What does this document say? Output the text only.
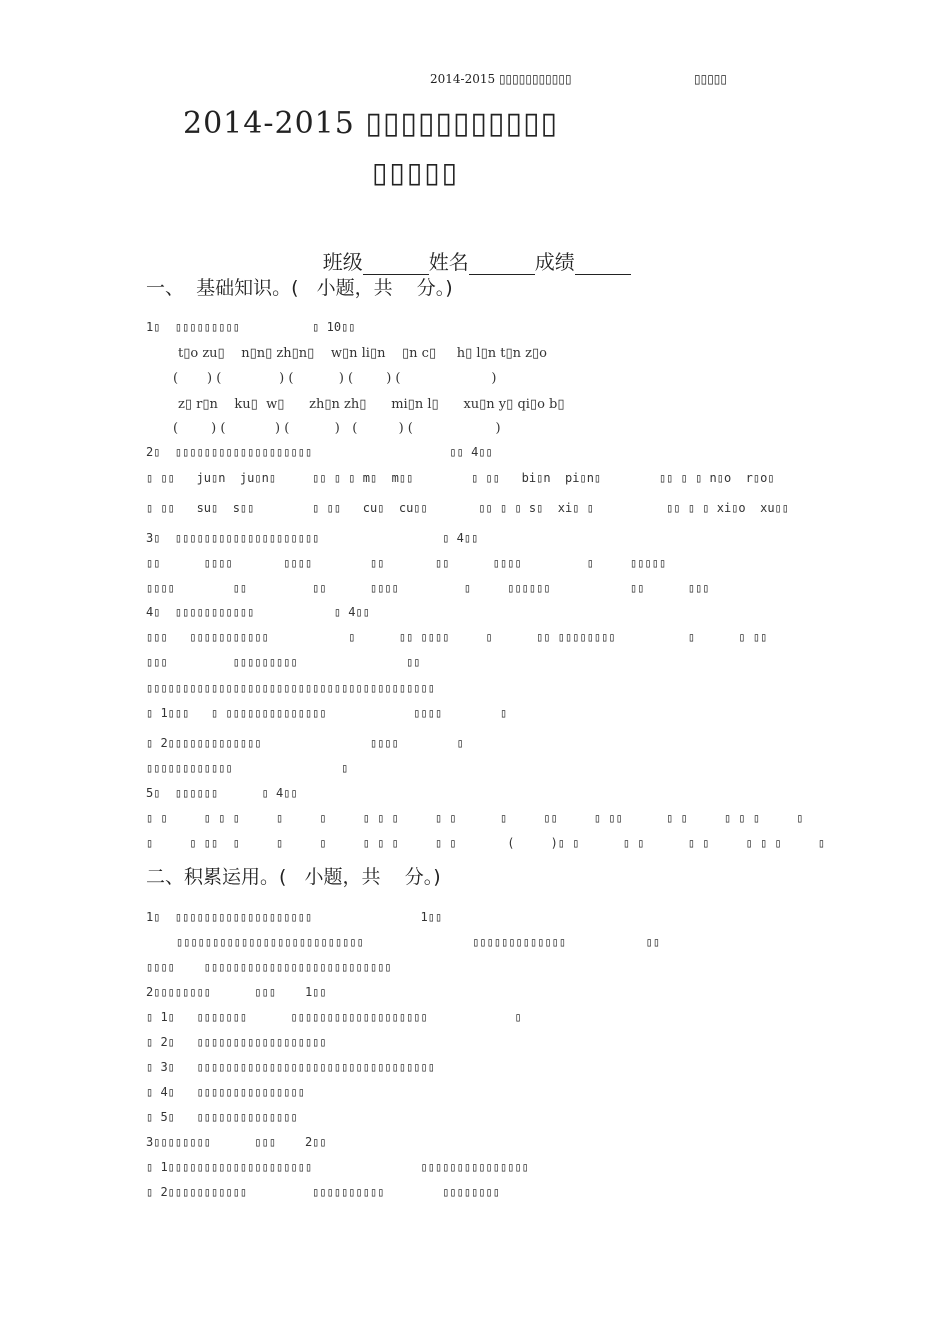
2014-2015 ▯▯▯▯▯▯▯▯▯▯▯	▯▯▯▯▯
2014-2015 ▯▯▯▯▯▯▯▯▯▯▯
▯▯▯▯▯

班级	姓名	成绩

一、  基础知识。(   小题，共    分。)
1▯  ▯▯▯▯▯▯▯▯▯          ▯ 10▯▯
t▯o zu▯    n▯n▯ zh▯n▯    w▯n li▯n    ▯n c▯     h▯ l▯n t▯n z▯o
(       ) (              ) (           ) (        ) (                      )
z▯ r▯n    ku▯  w▯      zh▯n zh▯      mi▯n l▯      xu▯n y▯ qi▯o b▯
(        ) (            ) (           )   (          ) (                    )
2▯  ▯▯▯▯▯▯▯▯▯▯▯▯▯▯▯▯▯▯▯                   ▯▯ 4▯▯
▯ ▯▯   ju▯n  ju▯n▯     ▯▯ ▯ ▯ m▯  m▯▯        ▯ ▯▯   bi▯n  pi▯n▯        ▯▯ ▯ ▯ n▯o  r▯o▯
▯ ▯▯   su▯  s▯▯        ▯ ▯▯   cu▯  cu▯▯       ▯▯ ▯ ▯ s▯  xi▯ ▯          ▯▯ ▯ ▯ xi▯o  xu▯▯
3▯  ▯▯▯▯▯▯▯▯▯▯▯▯▯▯▯▯▯▯▯▯                 ▯ 4▯▯
▯▯      ▯▯▯▯       ▯▯▯▯        ▯▯       ▯▯      ▯▯▯▯         ▯     ▯▯▯▯▯
▯▯▯▯        ▯▯         ▯▯      ▯▯▯▯         ▯     ▯▯▯▯▯▯           ▯▯      ▯▯▯
4▯  ▯▯▯▯▯▯▯▯▯▯▯           ▯ 4▯▯
▯▯▯   ▯▯▯▯▯▯▯▯▯▯▯           ▯      ▯▯ ▯▯▯▯     ▯      ▯▯ ▯▯▯▯▯▯▯▯          ▯      ▯ ▯▯
▯▯▯         ▯▯▯▯▯▯▯▯▯               ▯▯
▯▯▯▯▯▯▯▯▯▯▯▯▯▯▯▯▯▯▯▯▯▯▯▯▯▯▯▯▯▯▯▯▯▯▯▯▯▯▯▯
▯ 1▯▯▯   ▯ ▯▯▯▯▯▯▯▯▯▯▯▯▯▯            ▯▯▯▯        ▯
▯ 2▯▯▯▯▯▯▯▯▯▯▯▯▯               ▯▯▯▯        ▯
▯▯▯▯▯▯▯▯▯▯▯▯               ▯
5▯  ▯▯▯▯▯▯      ▯ 4▯▯
▯ ▯     ▯ ▯ ▯     ▯     ▯     ▯ ▯ ▯     ▯ ▯      ▯     ▯▯     ▯ ▯▯      ▯ ▯     ▯ ▯ ▯     ▯
▯     ▯ ▯▯  ▯     ▯     ▯     ▯ ▯ ▯     ▯ ▯       (     )▯ ▯      ▯ ▯      ▯ ▯     ▯ ▯ ▯     ▯
二、积累运用。(   小题，共    分。)
1▯  ▯▯▯▯▯▯▯▯▯▯▯▯▯▯▯▯▯▯▯               1▯▯
▯▯▯▯▯▯▯▯▯▯▯▯▯▯▯▯▯▯▯▯▯▯▯▯▯▯               ▯▯▯▯▯▯▯▯▯▯▯▯▯           ▯▯
▯▯▯▯    ▯▯▯▯▯▯▯▯▯▯▯▯▯▯▯▯▯▯▯▯▯▯▯▯▯▯
2▯▯▯▯▯▯▯▯      ▯▯▯    1▯▯
▯ 1▯   ▯▯▯▯▯▯▯      ▯▯▯▯▯▯▯▯▯▯▯▯▯▯▯▯▯▯▯            ▯
▯ 2▯   ▯▯▯▯▯▯▯▯▯▯▯▯▯▯▯▯▯▯
▯ 3▯   ▯▯▯▯▯▯▯▯▯▯▯▯▯▯▯▯▯▯▯▯▯▯▯▯▯▯▯▯▯▯▯▯▯
▯ 4▯   ▯▯▯▯▯▯▯▯▯▯▯▯▯▯▯
▯ 5▯   ▯▯▯▯▯▯▯▯▯▯▯▯▯▯
3▯▯▯▯▯▯▯▯      ▯▯▯    2▯▯
▯ 1▯▯▯▯▯▯▯▯▯▯▯▯▯▯▯▯▯▯▯▯               ▯▯▯▯▯▯▯▯▯▯▯▯▯▯▯
▯ 2▯▯▯▯▯▯▯▯▯▯▯         ▯▯▯▯▯▯▯▯▯▯        ▯▯▯▯▯▯▯▯
